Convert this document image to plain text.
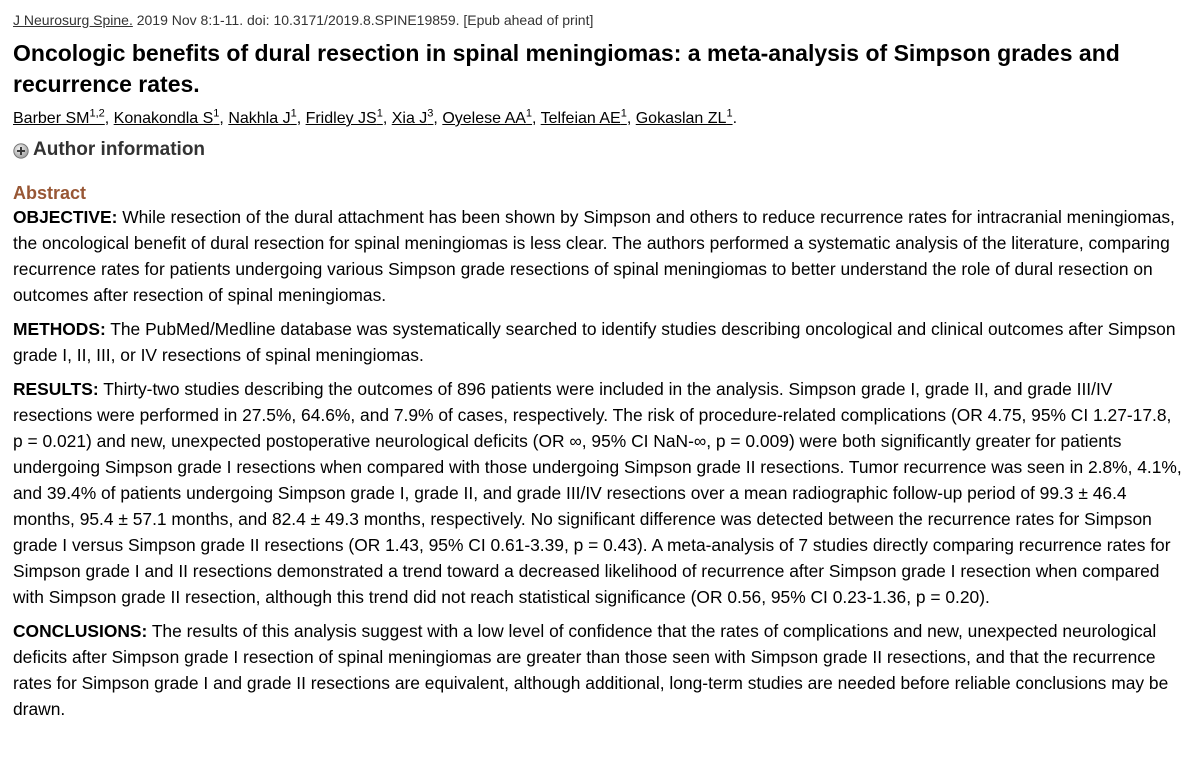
J Neurosurg Spine. 2019 Nov 8:1-11. doi: 10.3171/2019.8.SPINE19859. [Epub ahead of print]
Oncologic benefits of dural resection in spinal meningiomas: a meta-analysis of Simpson grades and recurrence rates.
Barber SM$^{1,2}$, Konakondla $S^1$, Nakhla $J^1$, Fridley $JS^1$, Xia $J^3$, Oyelese $AA^1$, Telfeian $AE^1$, Gokaslan $ZL^1$.
Author information
Abstract

OBJECTIVE: While resection of the dural attachment has been shown by Simpson and others to reduce recurrence rates for intracranial meningiomas, the oncological benefit of dural resection for spinal meningiomas is less clear. The authors performed a systematic analysis of the literature, comparing recurrence rates for patients undergoing various Simpson grade resections of spinal meningiomas to better understand the role of dural resection on outcomes after resection of spinal meningiomas.

METHODS: The PubMed/Medline database was systematically searched to identify studies describing oncological and clinical outcomes after Simpson grade I, II, III, or IV resections of spinal meningiomas.

RESULTS: Thirty-two studies describing the outcomes of 896 patients were included in the analysis. Simpson grade I, grade II, and grade III/IV resections were performed in 27.5%, 64.6%, and 7.9% of cases, respectively. The risk of procedure-related complications (OR 4.75, 95% CI 1.27-17.8, p = 0.021) and new, unexpected postoperative neurological deficits (OR ∞, 95% CI NaN-∞, p = 0.009) were both significantly greater for patients undergoing Simpson grade I resections when compared with those undergoing Simpson grade II resections. Tumor recurrence was seen in 2.8%, 4.1%, and 39.4% of patients undergoing Simpson grade I, grade II, and grade III/IV resections over a mean radiographic follow-up period of 99.3 ± 46.4 months, 95.4 ± 57.1 months, and 82.4 ± 49.3 months, respectively. No significant difference was detected between the recurrence rates for Simpson grade I versus Simpson grade II resections (OR 1.43, 95% CI 0.61-3.39, p = 0.43). A meta-analysis of 7 studies directly comparing recurrence rates for Simpson grade I and II resections demonstrated a trend toward a decreased likelihood of recurrence after Simpson grade I resection when compared with Simpson grade II resection, although this trend did not reach statistical significance (OR 0.56, 95% CI 0.23-1.36, p = 0.20).

CONCLUSIONS: The results of this analysis suggest with a low level of confidence that the rates of complications and new, unexpected neurological deficits after Simpson grade I resection of spinal meningiomas are greater than those seen with Simpson grade II resections, and that the recurrence rates for Simpson grade I and grade II resections are equivalent, although additional, long-term studies are needed before reliable conclusions may be drawn.
